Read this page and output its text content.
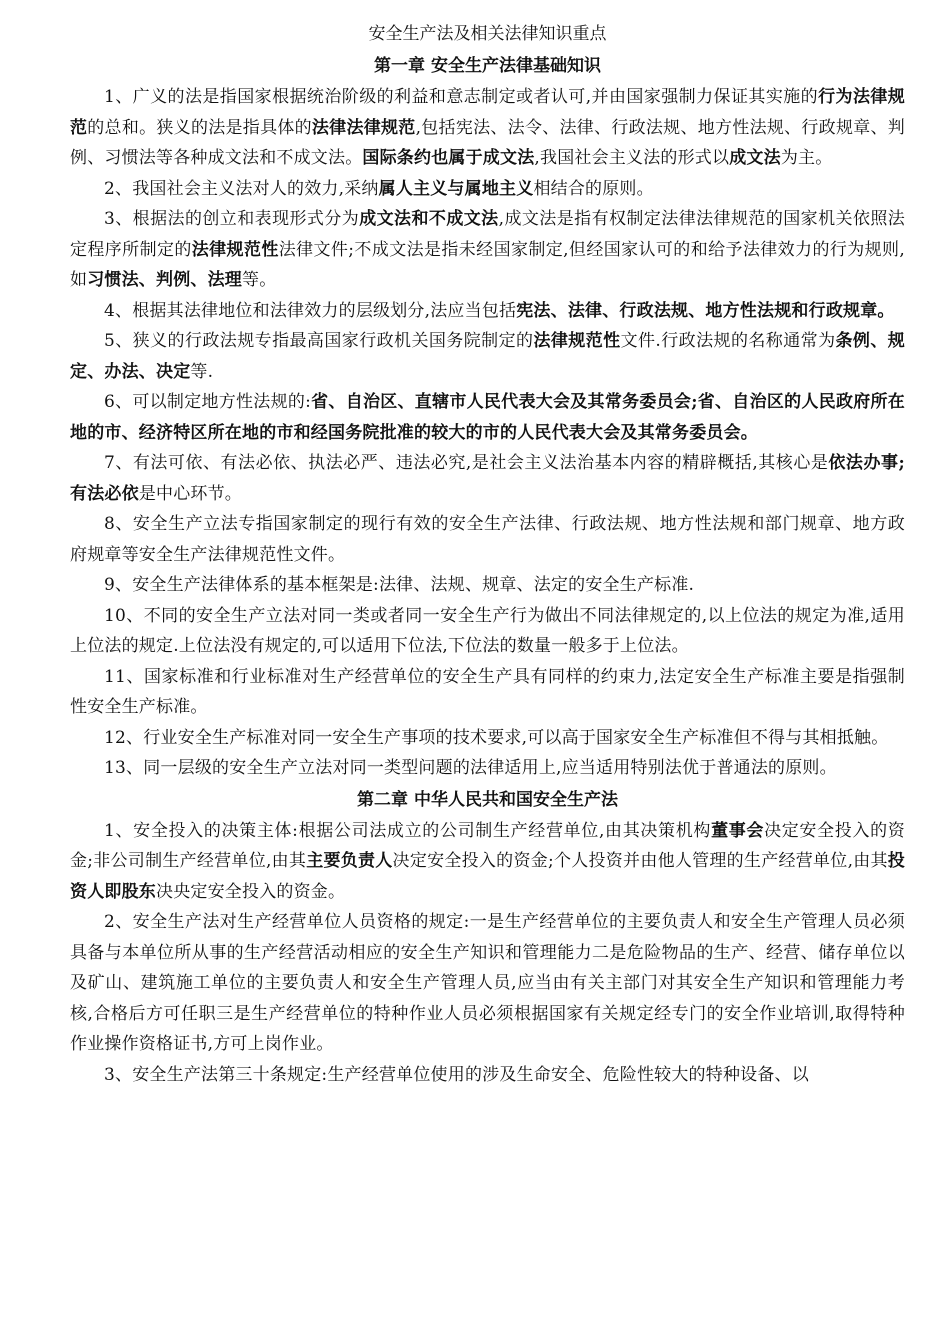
安全生产法及相关法律知识重点
第一章 安全生产法律基础知识

1、广义的法是指国家根据统治阶级的利益和意志制定或者认可,并由国家强制力保证其实施的行为法律规范的总和。狭义的法是指具体的法律法律规范,包括宪法、法令、法律、行政法规、地方性法规、行政规章、判例、习惯法等各种成文法和不成文法。国际条约也属于成文法,我国社会主义法的形式以成文法为主。

2、我国社会主义法对人的效力,采纳属人主义与属地主义相结合的原则。

3、根据法的创立和表现形式分为成文法和不成文法,成文法是指有权制定法律法律规范的国家机关依照法定程序所制定的法律规范性法律文件;不成文法是指未经国家制定,但经国家认可的和给予法律效力的行为规则,如习惯法、判例、法理等。

4、根据其法律地位和法律效力的层级划分,法应当包括宪法、法律、行政法规、地方性法规和行政规章。

5、狭义的行政法规专指最高国家行政机关国务院制定的法律规范性文件.行政法规的名称通常为条例、规定、办法、决定等.

6、可以制定地方性法规的:省、自治区、直辖市人民代表大会及其常务委员会;省、自治区的人民政府所在地的市、经济特区所在地的市和经国务院批准的较大的市的人民代表大会及其常务委员会。

7、有法可依、有法必依、执法必严、违法必究,是社会主义法治基本内容的精辟概括,其核心是依法办事;有法必依是中心环节。

8、安全生产立法专指国家制定的现行有效的安全生产法律、行政法规、地方性法规和部门规章、地方政府规章等安全生产法律规范性文件。

9、安全生产法律体系的基本框架是:法律、法规、规章、法定的安全生产标准.

10、不同的安全生产立法对同一类或者同一安全生产行为做出不同法律规定的,以上位法的规定为准,适用上位法的规定.上位法没有规定的,可以适用下位法,下位法的数量一般多于上位法。

11、国家标准和行业标准对生产经营单位的安全生产具有同样的约束力,法定安全生产标准主要是指强制性安全生产标准。

12、行业安全生产标准对同一安全生产事项的技术要求,可以高于国家安全生产标准但不得与其相抵触。

13、同一层级的安全生产立法对同一类型问题的法律适用上,应当适用特别法优于普通法的原则。

第二章 中华人民共和国安全生产法

1、安全投入的决策主体:根据公司法成立的公司制生产经营单位,由其决策机构董事会决定安全投入的资金;非公司制生产经营单位,由其主要负责人决定安全投入的资金;个人投资并由他人管理的生产经营单位,由其投资人即股东决央定安全投入的资金。

2、安全生产法对生产经营单位人员资格的规定:一是生产经营单位的主要负责人和安全生产管理人员必须具备与本单位所从事的生产经营活动相应的安全生产知识和管理能力二是危险物品的生产、经营、储存单位以及矿山、建筑施工单位的主要负责人和安全生产管理人员,应当由有关主部门对其安全生产知识和管理能力考核,合格后方可任职三是生产经营单位的特种作业人员必须根据国家有关规定经专门的安全作业培训,取得特种作业操作资格证书,方可上岗作业。

3、安全生产法第三十条规定:生产经营单位使用的涉及生命安全、危险性较大的特种设备、以
